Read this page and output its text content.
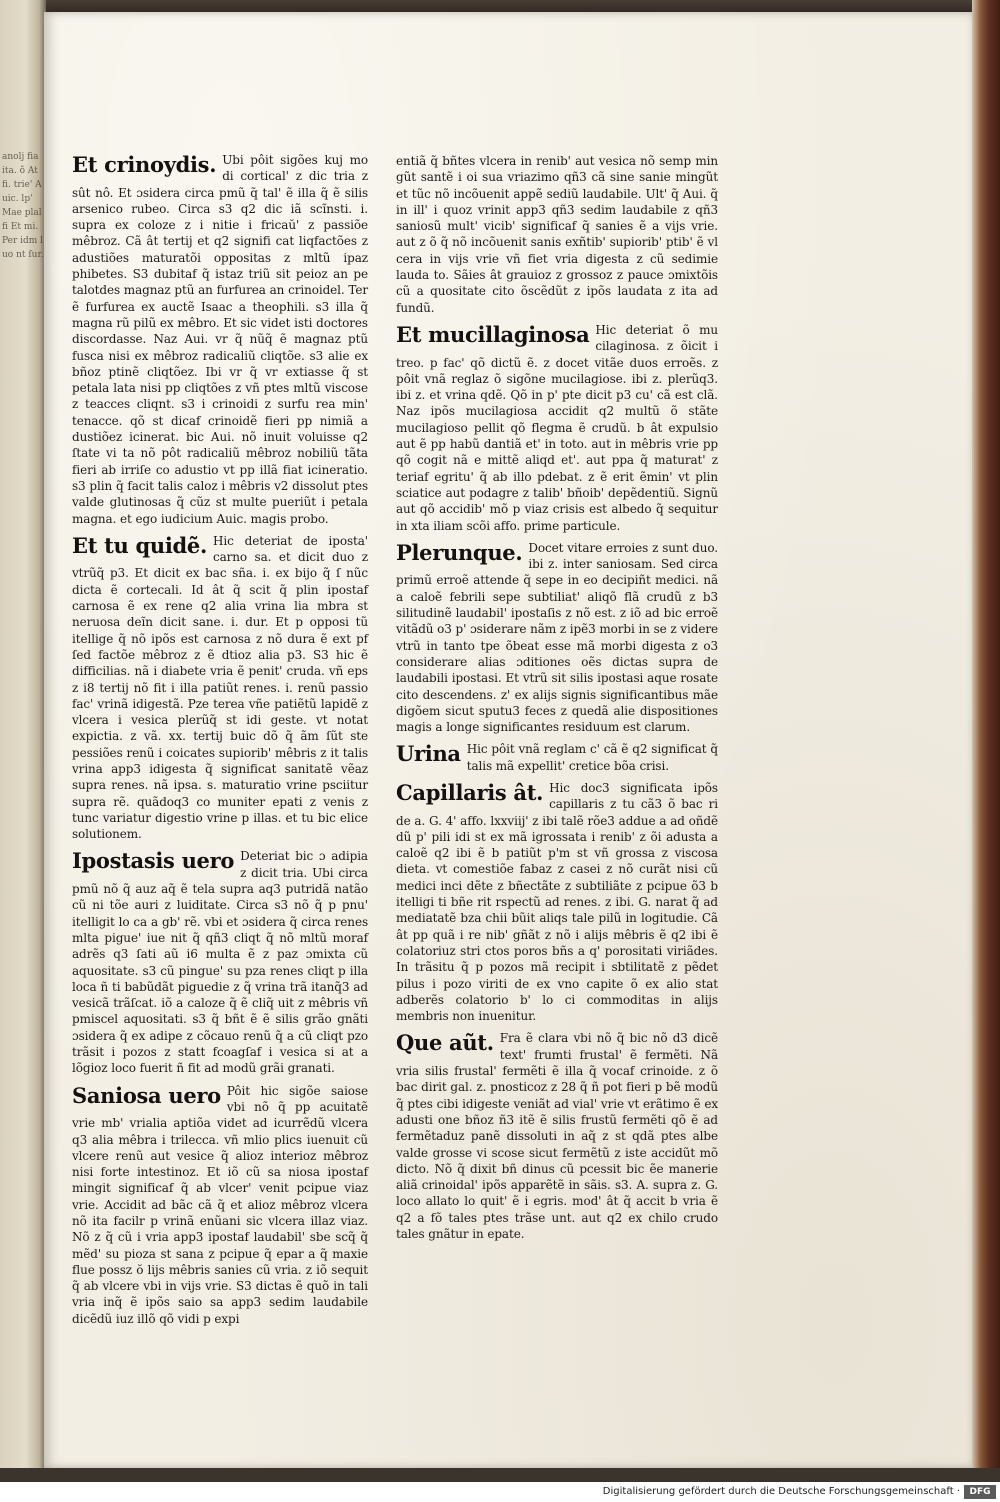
anolj fia ita. õ At fi. trie' Auic. lp' Mae plal fi Et mi. Per idm luo nt ſur.

Et crinoydis. Ubi pôit sigões kuj mo di cortical' z dic tria z sût nô. Et ɔsidera circa pmũ q̃ tal' ẽ illa q̃ ẽ silis arsenico rubeo. Circa s3 q2 dic iã scĩnsti. i. supra ex coloze z i nitie i fricaŭ' z passiõe mêbroz. Cã ât tertij et q2 signifi cat liqfactões z adustiões maturatõi oppositas z mltũ ipaz phibetes. S3 dubitaf q̃ istaz triũ sit peioz an pe talotdes magnaz ptũ an furfurea an crinoidel. Ter ẽ furfurea ex auctẽ Isaac a theophili. s3 illa q̃ magna rũ pilũ ex mêbro. Et sic videt isti doctores discordasse. Naz Aui. vr q̃ nũq̃ ẽ magnaz ptũ fusca nisi ex mêbroz radicaliũ cliqtõe. s3 alie ex bñoz ptinẽ cliqtõez. Ibi vr q̃ vr extiasse q̃ st petala lata nisi pp cliqtões z vñ ptes mltũ viscose z teacces cliqnt. s3 i crinoidi z surfu rea min' tenacce. qõ st dicaf crinoidẽ fieri pp nimiã a dustiõez icinerat. bic Aui. nõ inuit voluisse q2 ſtate vi ta nõ pôt radicaliũ mêbroz nobiliũ tãta fieri ab irriſe co adustio vt pp illã fiat icineratio. s3 plin q̃ facit talis caloz i mêbris v2 dissolut ptes valde glutinosas q̃ cũz st multe pueriũt i petala magna. et ego iudicium Auic. magis probo.

Et tu quidẽ. Hic deteriat de iposta' carno sa. et dicit duo z vtrũq̃ p3. Et dicit ex bac sña. i. ex bijo q̃ ſ nũc dicta ẽ cortecali. Id ât q̃ scit q̃ plin ipostaf carnosa ẽ ex rene q2 alia vrina lia mbra st neruosa deĩn dicit sane. i. dur. Et p opposi tũ itellige q̃ nõ ipõs est carnosa z nõ dura ẽ ext pf ſed factõe mêbroz z ẽ dtioz alia p3. S3 hic ẽ difficilias. nã i diabete vria ẽ penit' cruda. vñ eps z i8 tertij nõ fit i illa patiũt renes. i. renũ passio fac' vrinã idigestã. Pze terea vñe patiẽtũ lapidẽ z vlcera i vesica plerũq̃ st idi geste. vt notat expictia. z vã. xx. tertij buic dõ q̃ ãm ſũt ste pessiões renũ i coicates supiorib' mêbris z it talis vrina app3 idigesta q̃ significat sanitatẽ vẽaz supra renes. nã ipsa. s. maturatio vrine psciitur supra rẽ. quãdoq3 co muniter epati z venis z tunc variatur digestio vrine p illas. et tu bic elice solutionem.

Ipostasis uero Deteriat bic ɔ adipia z dicit tria. Ubi circa pmũ nõ q̃ auz aq̃ ẽ tela supra aq3 putridã natão cũ ni tõe auri z luiditate. Circa s3 nõ q̃ p pnu' itelligit lo ca a gb' rẽ. vbi et ɔsidera q̃ circa renes mlta pigue' iue nit q̃ qñ3 cliqt q̃ nõ mltũ moraf adrẽs q3 ſati aũ i6 multa ẽ z paz ɔmixta cũ aquositate. s3 cũ pingue' su pza renes cliqt p illa loca ñ ti babũdãt piguedie z q̃ vrina trã itanq̃3 ad vesicã trãſcat. iõ a caloze q̃ ẽ cliq̃ uit z mêbris vñ pmiscel aquositati. s3 q̃ bñt ẽ ẽ silis grão gnãti ɔsidera q̃ ex adipe z cõcauo renũ q̃ a cũ cliqt pzo trãsit i pozos z statt fcoagſaf i vesica si at a lõgioz loco fuerit ñ fit ad modũ grãi granati.

Saniosa uero Pôit hic sigõe saiose vbi nõ q̃ pp acuitatẽ vrie mb' vrialia aptiõa videt ad icurrẽdũ vlcera q3 alia mêbra i trilecca. vñ mlio plics iuenuit cũ vlcere renũ aut vesice q̃ alioz interioz mêbroz nisi forte intestinoz. Et iõ cũ sa niosa ipostaf mingit significaf q̃ ab vlcer' venit pcipue viaz vrie. Accidit ad bãc cã q̃ et alioz mêbroz vlcera nõ ita facilr p vrinã enũani sic vlcera illaz viaz. Nõ z q̃ cũ i vria app3 ipostaf laudabil' sbe scq̃ q̃ mẽd' su pioza st sana z pcipue q̃ epar a q̃ maxie flue possz ŏ lijs mêbris sanies cũ vria. z iõ sequit q̃ ab vlcere vbi in vijs vrie. S3 dictas ẽ quõ in tali vria inq̃ ẽ ipõs saio sa app3 sedim laudabile dicẽdũ iuz illõ qõ vidi p expi

entiã q̃ bñtes vlcera in renib' aut vesica nõ semp min gũt santẽ i oi sua vriazimo qñ3 cã sine sanie mingũt et tũc nõ incõuenit appẽ sediũ laudabile. Ult' q̃ Aui. q̃ in ill' i quoz vrinit app3 qñ3 sedim laudabile z qñ3 saniosũ mult' vicib' significaf q̃ sanies ẽ a vijs vrie. aut z õ q̃ nõ incõuenit sanis exñtib' supiorib' ptib' ẽ vl cera in vijs vrie vñ fiet vria digesta z cũ sedimie lauda to. Sãies ât grauioz z grossoz z pauce ɔmixtõis cũ a quositate cito õscẽdũt z ipõs laudata z ita ad fundũ.

Et mucillaginosa Hic deteriat õ mu cilaginosa. z õicit i treo. p fac' qõ dictũ ẽ. z docet vitãe duos erroẽs. z pôit vnã reglaz õ sigõne mucilagiose. ibi z. plerũq3. ibi z. et vrina qdẽ. Qõ in p' pte dicit p3 cu' cã est clã. Naz ipõs mucilagiosa accidit q2 multũ õ stãte mucilagioso pellit qõ flegma ẽ crudũ. b ât expulsio aut ẽ pp habũ dantiã et' in toto. aut in mêbris vrie pp qõ cogit nã e mittẽ aliqd et'. aut ppa q̃ maturat' z teriaf egritu' q̃ ab illo pdebat. z ẽ erit ẽmin' vt plin sciatice aut podagre z talib' bñoib' depẽdentiũ. Signũ aut qõ accidib' mõ p viaz crisis est albedo q̃ sequitur in xta iliam scõi affo. prime particule.

Plerunque. Docet vitare erroies z sunt duo. ibi z. inter saniosam. Sed circa primũ erroẽ attende q̃ sepe in eo decipiñt medici. nã a caloẽ febrili sepe subtiliat' aliqõ flã crudũ z b3 silitudinẽ laudabil' ipostaſis z nõ est. z iõ ad bic erroẽ vitãdũ o3 p' ɔsiderare nãm z ipẽ3 morbi in se z videre vtrũ in tanto tpe õbeat esse mã morbi digesta z o3 considerare alias ɔditiones oẽs dictas supra de laudabili ipostasi. Et vtrũ sit silis ipostasi aque rosate cito descendens. z' ex alijs signis significantibus mãe digõem sicut sputu3 feces z quedã alie dispositiones magis a longe significantes residuum est clarum.

Urina Hic pôit vnã reglam c' cã ẽ q2 significat q̃ talis mã expellit' cretice bõa crisi.

Capillaris ât. Hic doc3 significata ipõs capillaris z tu cã3 õ bac ri de a. G. 4' affo. lxxviij' z ibi talẽ rõe3 addue a ad oñdẽ dũ p' pili idi st ex mã igrossata i renib' z õi adusta a caloẽ q2 ibi ẽ b patiũt p'm st vñ grossa z viscosa dieta. vt comestiõe fabaz z casei z nõ curãt nisi cũ medici inci dẽte z bñectãte z subtiliãte z pcipue õ3 b itelligi ti bñe rit rspectũ ad renes. z ibi. G. narat q̃ ad mediatatẽ bza chii bũit aliqs tale pilũ in logitudie. Cã ât pp quã i re nib' gñãt z nõ i alijs mêbris ẽ q2 ibi ẽ colatoriuz stri ctos poros bñs a q' porositati viriãdes. In trãsitu q̃ p pozos mã recipit i sbtilitatẽ z pẽdet pilus i pozo viriti de ex vno capite õ ex alio stat adberẽs colatorio b' lo ci commoditas in alijs membris non inuenitur.

Que aũt. Fra ẽ clara vbi nõ q̃ bic nõ d3 dicẽ text' frumti frustal' ẽ fermẽti. Nã vria silis frustal' fermẽti ẽ illa q̃ vocaf crinoide. z õ bac dirit gal. z. pnosticoz z 28 q̃ ñ pot fieri p bẽ modũ q̃ ptes cibi idigeste veniãt ad vial' vrie vt erãtimo ẽ ex adusti one bñoz ñ3 itẽ ẽ silis frustũ fermẽti qõ ẽ ad fermẽtaduz panẽ dissoluti in aq̃ z st qdã ptes albe valde grosse vi scose sicut fermẽtũ z iste accidũt mõ dicto. Nõ q̃ dixit bñ dinus cũ pcessit bic ẽe manerie aliã crinoidal' ipõs apparẽtẽ in sãis. s3. A. supra z. G. loco allato lo quit' ẽ i egris. mod' ât q̃ accit b vria ẽ q2 a fõ tales ptes trãse unt. aut q2 ex chilo crudo tales gnãtur in epate.

Digitalisierung gefördert durch die Deutsche Forschungsgemeinschaft ·	DFG
